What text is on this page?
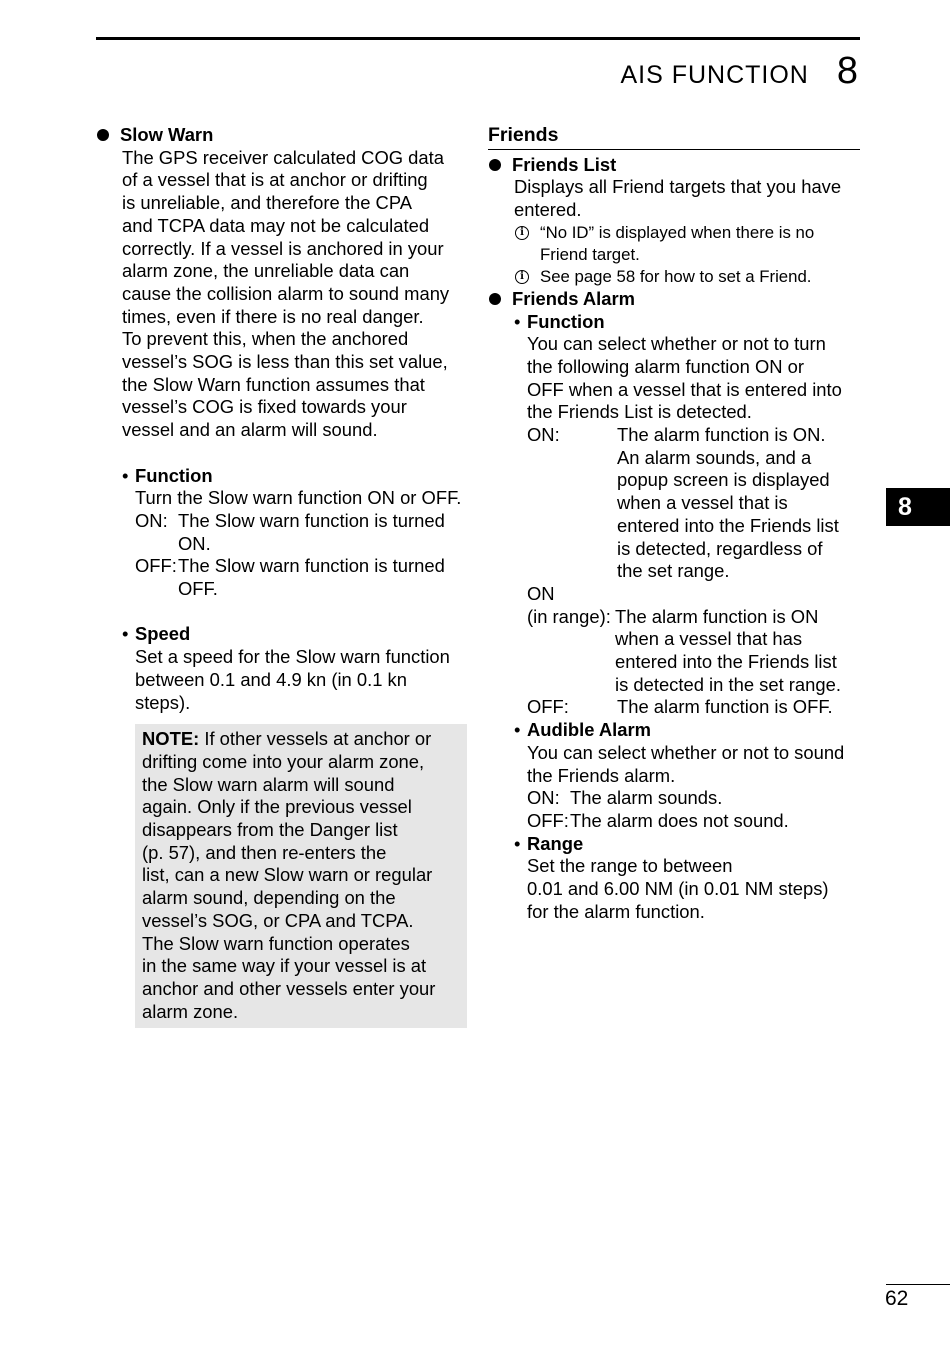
AIS FUNCTION 8
8
62
Slow Warn
The GPS receiver calculated COG data
of a vessel that is at anchor or drifting
is unreliable, and therefore the CPA
and TCPA data may not be calculated
correctly. If a vessel is anchored in your
alarm zone, the unreliable data can
cause the collision alarm to sound many
times, even if there is no real danger.
To prevent this, when the anchored
vessel’s SOG is less than this set value,
the Slow Warn function assumes that
vessel’s COG is fixed towards your
vessel and an alarm will sound.
• Function
Turn the Slow warn function ON or OFF.
ON: The Slow warn function is turned
ON.
OFF: The Slow warn function is turned
OFF.
• Speed
Set a speed for the Slow warn function
between 0.1 and 4.9 kn (in 0.1 kn
steps).
NOTE: If other vessels at anchor or
drifting come into your alarm zone,
the Slow warn alarm will sound
again. Only if the previous vessel
disappears from the Danger list
(p. 57), and then re-enters the
list, can a new Slow warn or regular
alarm sound, depending on the
vessel’s SOG, or CPA and TCPA.
The Slow warn function operates
in the same way if your vessel is at
anchor and other vessels enter your
alarm zone.
Friends
Friends List
Displays all Friend targets that you have
entered.
i “No ID” is displayed when there is no
Friend target.
i See page 58 for how to set a Friend.
Friends Alarm
• Function
You can select whether or not to turn
the following alarm function ON or
OFF when a vessel that is entered into
the Friends List is detected.
ON:	The alarm function is ON.
An alarm sounds, and a
popup screen is displayed
when a vessel that is
entered into the Friends list
is detected, regardless of
the set range.
ON
(in range): The alarm function is ON
when a vessel that has
entered into the Friends list
is detected in the set range.
OFF:	The alarm function is OFF.
• Audible Alarm
You can select whether or not to sound
the Friends alarm.
ON: The alarm sounds.
OFF: The alarm does not sound.
• Range
Set the range to between
0.01 and 6.00 NM (in 0.01 NM steps)
for the alarm function.
